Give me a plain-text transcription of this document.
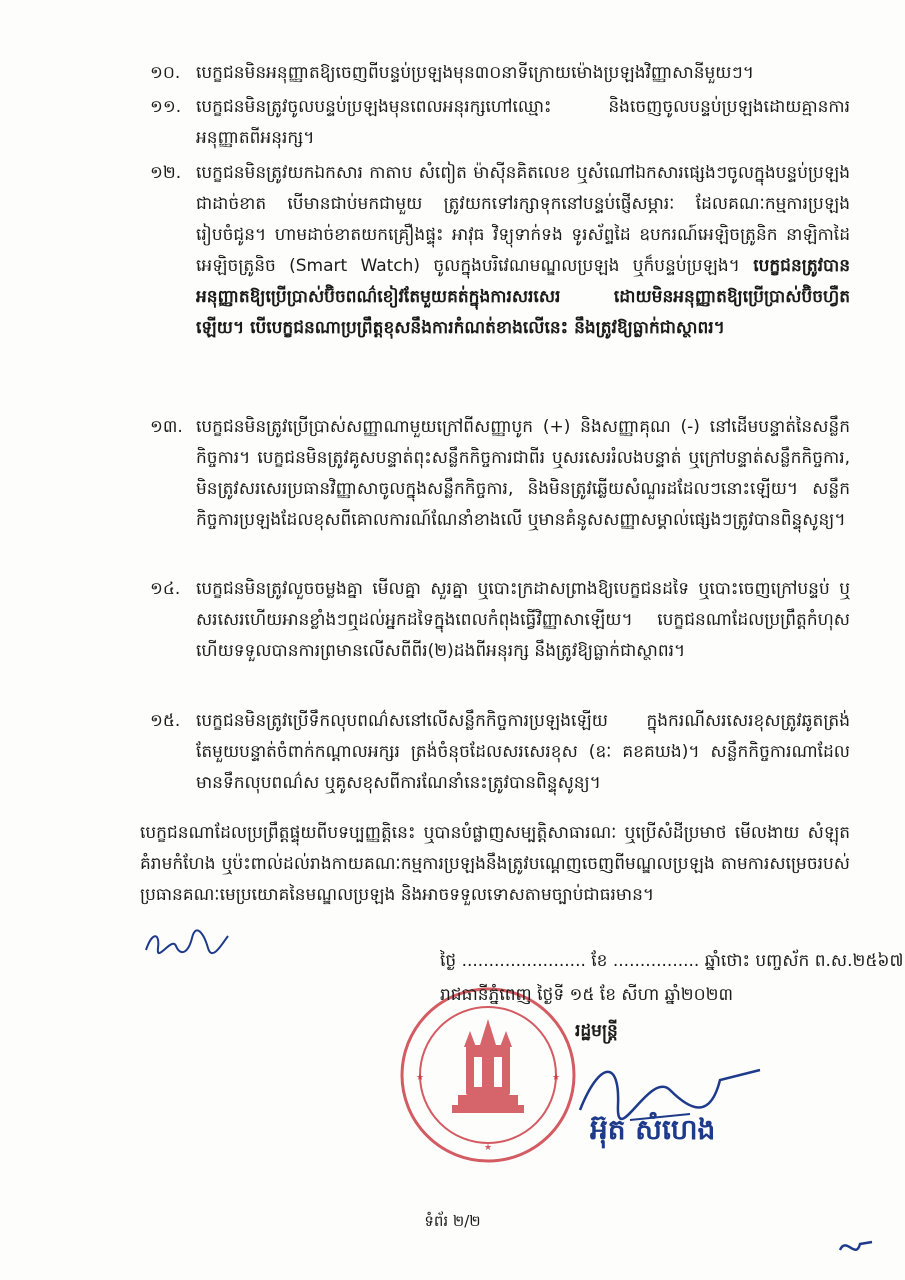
១០. បេក្ខជនមិនអនុញ្ញាតឱ្យចេញពីបន្ទប់ប្រឡងមុន៣០នាទីក្រោយម៉ោងប្រឡងវិញ្ញាសានីមួយៗ។
១១. បេក្ខជនមិនត្រូវចូលបន្ទប់ប្រឡងមុនពេលអនុរក្សហៅឈ្មោះ និងចេញចូលបន្ទប់ប្រឡងដោយគ្មានការអនុញ្ញាតពីអនុរក្ស។
១២. បេក្ខជនមិនត្រូវយកឯកសារ កាតាប សំពៀត ម៉ាស៊ីនគិតលេខ ឬសំណៅឯកសារផ្សេងៗចូលក្នុងបន្ទប់ប្រឡងជាដាច់ខាត បើមានជាប់មកជាមួយ ត្រូវយកទៅរក្សាទុកនៅបន្ទប់ផ្ញើសម្ភារៈ ដែលគណៈកម្មការប្រឡងរៀបចំជូន។ ហាមដាច់ខាតយកគ្រឿងផ្ទុះ អាវុធ វិទ្យុទាក់ទង ទូរស័ព្ទដៃ ឧបករណ៍អេឡិចត្រូនិក នាឡិកាដៃអេឡិចត្រូនិច (Smart Watch) ចូលក្នុងបរិវេណមណ្ឌលប្រឡង ឬក៏បន្ទប់ប្រឡង។ បេក្ខជនត្រូវបានអនុញ្ញាតឱ្យប្រើប្រាស់ប៊ិចពណ៌ខៀវតែមួយគត់ក្នុងការសរសេរ ដោយមិនអនុញ្ញាតឱ្យប្រើប្រាស់ប៊ិចហ្វឺតឡើយ។ បើបេក្ខជនណាប្រព្រឹត្តខុសនឹងការកំណត់ខាងលើនេះ នឹងត្រូវឱ្យធ្លាក់ជាស្ថាពរ។
១៣. បេក្ខជនមិនត្រូវប្រើប្រាស់សញ្ញាណាមួយក្រៅពីសញ្ញាបូក (+) និងសញ្ញាគុណ (-) នៅដើមបន្ទាត់នៃសន្លឹកកិច្ចការ។ បេក្ខជនមិនត្រូវគូសបន្ទាត់ពុះសន្លឹកកិច្ចការជាពីរ ឬសរសេររំលងបន្ទាត់ ឬក្រៅបន្ទាត់សន្លឹកកិច្ចការ, មិនត្រូវសរសេរប្រធានវិញ្ញាសាចូលក្នុងសន្លឹកកិច្ចការ, និងមិនត្រូវឆ្លើយសំណួរដដែលៗនោះឡើយ។ សន្លឹកកិច្ចការប្រឡងដែលខុសពីគោលការណ៍ណែនាំខាងលើ ឬមានគំនូសសញ្ញាសម្គាល់ផ្សេងៗត្រូវបានពិន្ទុសូន្យ។
១៤. បេក្ខជនមិនត្រូវលួចចម្លងគ្នា មើលគ្នា សួរគ្នា ឬបោះក្រដាសព្រាងឱ្យបេក្ខជនដទៃ ឬបោះចេញក្រៅបន្ទប់ ឬសរសេរហើយអានខ្លាំងៗឮដល់អ្នកដទៃក្នុងពេលកំពុងធ្វើវិញ្ញាសាឡើយ។ បេក្ខជនណាដែលប្រព្រឹត្តកំហុស ហើយទទួលបានការព្រមានលើសពីពីរ(២)ដងពីអនុរក្ស នឹងត្រូវឱ្យធ្លាក់ជាស្ថាពរ។
១៥. បេក្ខជនមិនត្រូវប្រើទឹកលុបពណ៌សនៅលើសន្លឹកកិច្ចការប្រឡងឡើយ ក្នុងករណីសរសេរខុសត្រូវឆូតត្រង់តែមួយបន្ទាត់ចំពាក់កណ្ដាលអក្សរ ត្រង់ចំនុចដែលសរសេរខុស (ឧៈ គខគឃង)។ សន្លឹកកិច្ចការណាដែលមានទឹកលុបពណ៌ស ឬគូសខុសពីការណែនាំនេះត្រូវបានពិន្ទុសូន្យ។
បេក្ខជនណាដែលប្រព្រឹត្តផ្ទុយពីបទប្បញ្ញត្តិនេះ ឬបានបំផ្លាញសម្បត្តិសាធារណៈ ឬប្រើសំដីប្រមាថ មើលងាយ សំឡុត គំរាមកំហែង ឬប៉ះពាល់ដល់រាងកាយគណៈកម្មការប្រឡងនឹងត្រូវបណ្ដេញចេញពីមណ្ឌលប្រឡង តាមការសម្រេចរបស់ប្រធានគណៈមេប្រយោគនៃមណ្ឌលប្រឡង និងអាចទទួលទោសតាមច្បាប់ជាធរមាន។
★
★	★
ថ្ងៃ ....................... ខែ ................ ឆ្នាំថោះ បញ្ចស័ក ព.ស.២៥៦៧
រាជធានីភ្នំពេញ ថ្ងៃទី ១៥ ខែ សីហា ឆ្នាំ២០២៣
រដ្ឋមន្ត្រី
អ៊ុត សំហេង
ទំព័រ ២/២
